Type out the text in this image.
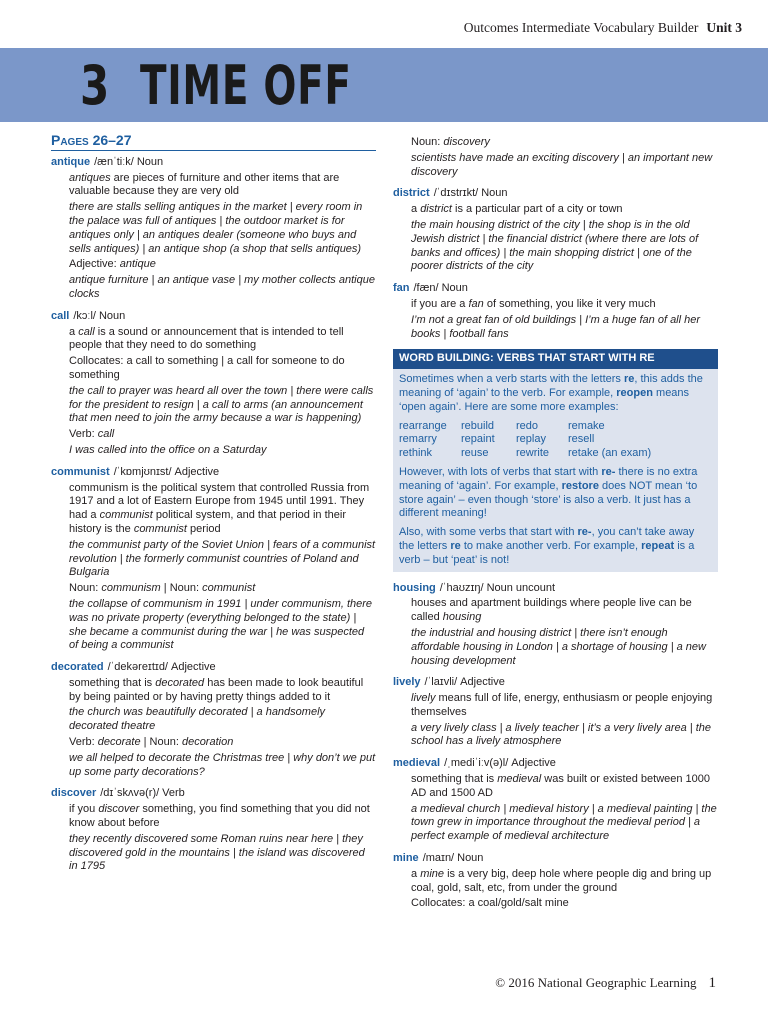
Outcomes Intermediate Vocabulary Builder Unit 3
3 TIME OFF
Pages 26–27
antique /ænˈtiːk/ Noun
antiques are pieces of furniture and other items that are valuable because they are very old
there are stalls selling antiques in the market | every room in the palace was full of antiques | the outdoor market is for antiques only | an antiques dealer (someone who buys and sells antiques) | an antique shop (a shop that sells antiques)
Adjective: antique
antique furniture | an antique vase | my mother collects antique clocks
call /kɔːl/ Noun
a call is a sound or announcement that is intended to tell people that they need to do something
Collocates: a call to something | a call for someone to do something
the call to prayer was heard all over the town | there were calls for the president to resign | a call to arms (an announcement that men need to join the army because a war is happening)
Verb: call
I was called into the office on a Saturday
communist /ˈkɒmjʊnɪst/ Adjective
communism is the political system that controlled Russia from 1917 and a lot of Eastern Europe from 1945 until 1991. They had a communist political system, and that period in their history is the communist period
the communist party of the Soviet Union | fears of a communist revolution | the formerly communist countries of Poland and Bulgaria
Noun: communism | Noun: communist
the collapse of communism in 1991 | under communism, there was no private property (everything belonged to the state) | she became a communist during the war | he was suspected of being a communist
decorated /ˈdekəreɪtɪd/ Adjective
something that is decorated has been made to look beautiful by being painted or by having pretty things added to it
the church was beautifully decorated | a handsomely decorated theatre
Verb: decorate | Noun: decoration
we all helped to decorate the Christmas tree | why don’t we put up some party decorations?
discover /dɪˈskʌvə(r)/ Verb
if you discover something, you find something that you did not know about before
they recently discovered some Roman ruins near here | they discovered gold in the mountains | the island was discovered in 1795
Noun: discovery
scientists have made an exciting discovery | an important new discovery
district /ˈdɪstrɪkt/ Noun
a district is a particular part of a city or town
the main housing district of the city | the shop is in the old Jewish district | the financial district (where there are lots of banks and offices) | the main shopping district | one of the poorer districts of the city
fan /fæn/ Noun
if you are a fan of something, you like it very much
I’m not a great fan of old buildings | I’m a huge fan of all her books | football fans
WORD BUILDING: VERBS THAT START WITH RE
Sometimes when a verb starts with the letters re, this adds the meaning of ‘again’ to the verb. For example, reopen means ‘open again’. Here are some more examples:
rearrange	rebuild	redo	remake
remarry	repaint	replay	resell
rethink	reuse	rewrite	retake (an exam)
However, with lots of verbs that start with re- there is no extra meaning of ‘again’. For example, restore does NOT mean ‘to store again’ – even though ‘store’ is also a verb. It just has a different meaning!
Also, with some verbs that start with re-, you can’t take away the letters re to make another verb. For example, repeat is a verb – but ‘peat’ is not!
housing /ˈhaʊzɪŋ/ Noun uncount
houses and apartment buildings where people live can be called housing
the industrial and housing district | there isn’t enough affordable housing in London | a shortage of housing | a new housing development
lively /ˈlaɪvli/ Adjective
lively means full of life, energy, enthusiasm or people enjoying themselves
a very lively class | a lively teacher | it’s a very lively area | the school has a lively atmosphere
medieval /ˌmediˈiːv(ə)l/ Adjective
something that is medieval was built or existed between 1000 AD and 1500 AD
a medieval church | medieval history | a medieval painting | the town grew in importance throughout the medieval period | a perfect example of medieval architecture
mine /maɪn/ Noun
a mine is a very big, deep hole where people dig and bring up coal, gold, salt, etc, from under the ground
Collocates: a coal/gold/salt mine
© 2016 National Geographic Learning 1
